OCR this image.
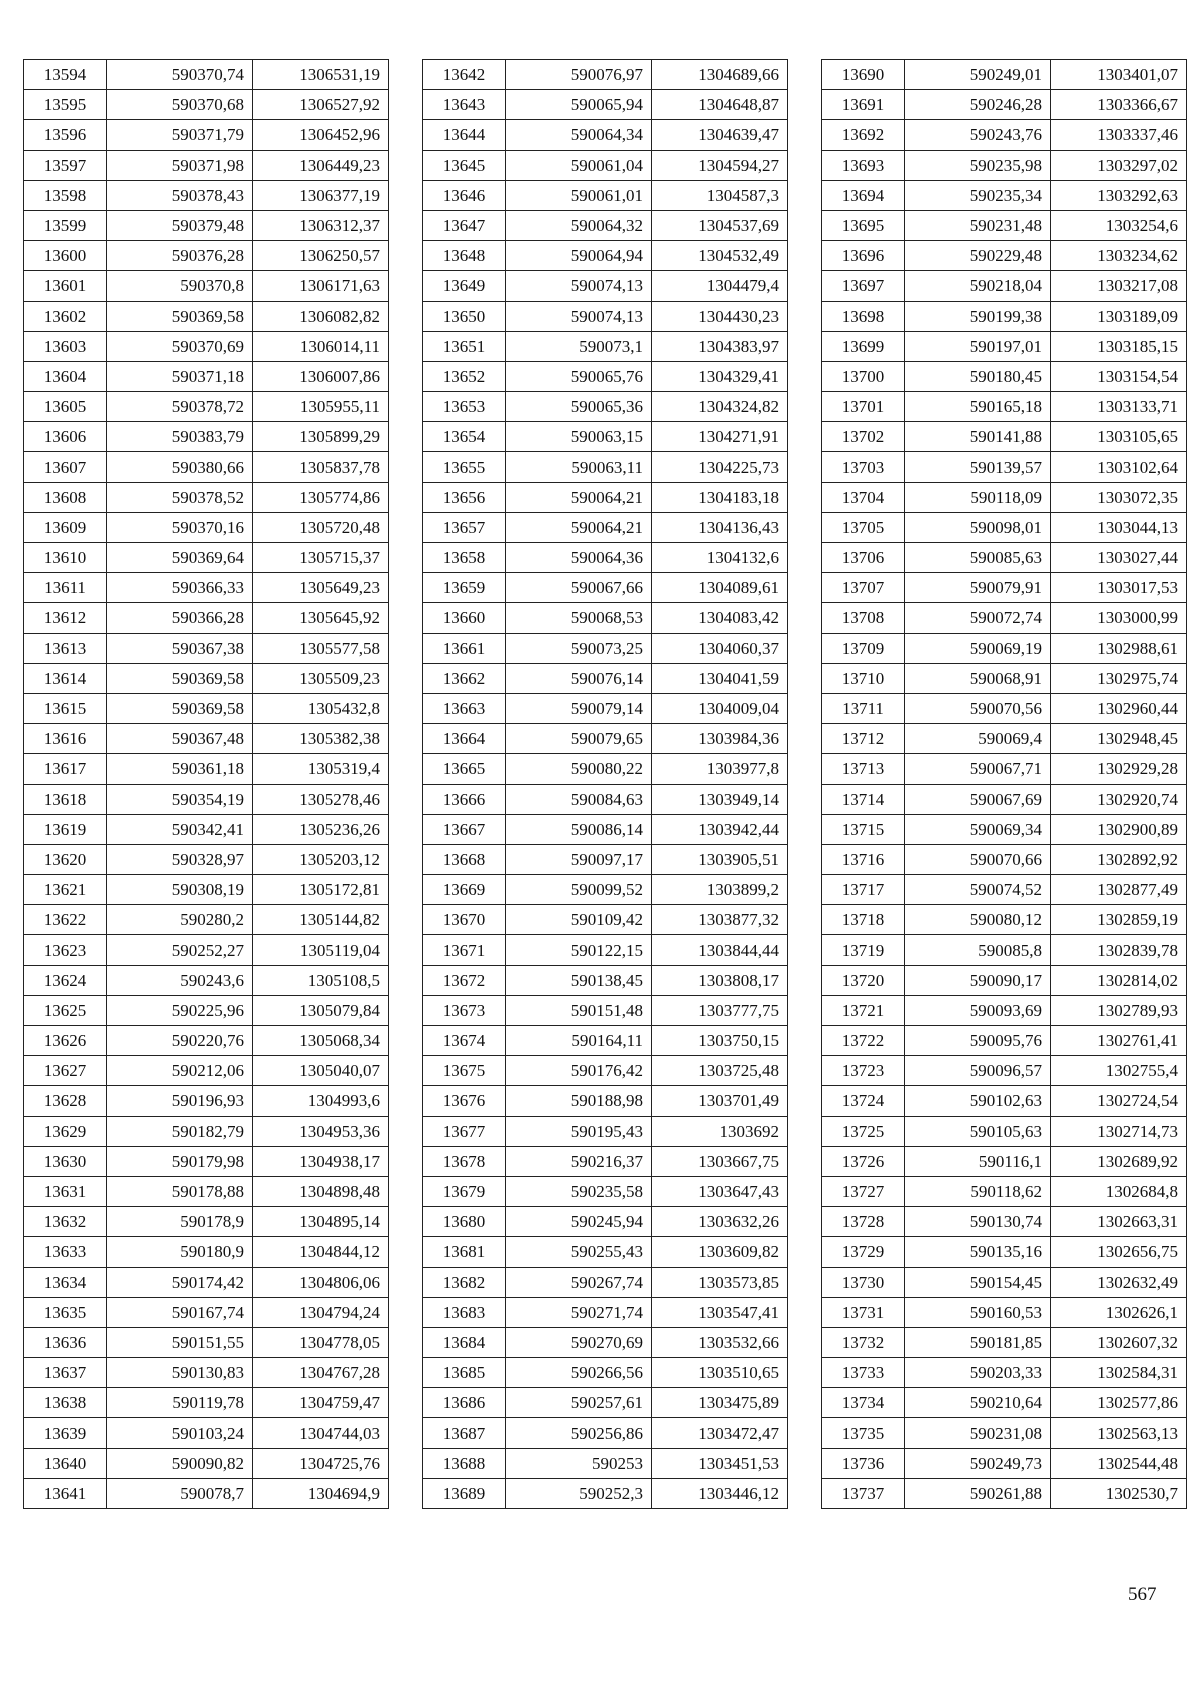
13594	590370,74	1306531,19
13595	590370,68	1306527,92
13596	590371,79	1306452,96
13597	590371,98	1306449,23
13598	590378,43	1306377,19
13599	590379,48	1306312,37
13600	590376,28	1306250,57
13601	590370,8	1306171,63
13602	590369,58	1306082,82
13603	590370,69	1306014,11
13604	590371,18	1306007,86
13605	590378,72	1305955,11
13606	590383,79	1305899,29
13607	590380,66	1305837,78
13608	590378,52	1305774,86
13609	590370,16	1305720,48
13610	590369,64	1305715,37
13611	590366,33	1305649,23
13612	590366,28	1305645,92
13613	590367,38	1305577,58
13614	590369,58	1305509,23
13615	590369,58	1305432,8
13616	590367,48	1305382,38
13617	590361,18	1305319,4
13618	590354,19	1305278,46
13619	590342,41	1305236,26
13620	590328,97	1305203,12
13621	590308,19	1305172,81
13622	590280,2	1305144,82
13623	590252,27	1305119,04
13624	590243,6	1305108,5
13625	590225,96	1305079,84
13626	590220,76	1305068,34
13627	590212,06	1305040,07
13628	590196,93	1304993,6
13629	590182,79	1304953,36
13630	590179,98	1304938,17
13631	590178,88	1304898,48
13632	590178,9	1304895,14
13633	590180,9	1304844,12
13634	590174,42	1304806,06
13635	590167,74	1304794,24
13636	590151,55	1304778,05
13637	590130,83	1304767,28
13638	590119,78	1304759,47
13639	590103,24	1304744,03
13640	590090,82	1304725,76
13641	590078,7	1304694,9
13642	590076,97	1304689,66
13643	590065,94	1304648,87
13644	590064,34	1304639,47
13645	590061,04	1304594,27
13646	590061,01	1304587,3
13647	590064,32	1304537,69
13648	590064,94	1304532,49
13649	590074,13	1304479,4
13650	590074,13	1304430,23
13651	590073,1	1304383,97
13652	590065,76	1304329,41
13653	590065,36	1304324,82
13654	590063,15	1304271,91
13655	590063,11	1304225,73
13656	590064,21	1304183,18
13657	590064,21	1304136,43
13658	590064,36	1304132,6
13659	590067,66	1304089,61
13660	590068,53	1304083,42
13661	590073,25	1304060,37
13662	590076,14	1304041,59
13663	590079,14	1304009,04
13664	590079,65	1303984,36
13665	590080,22	1303977,8
13666	590084,63	1303949,14
13667	590086,14	1303942,44
13668	590097,17	1303905,51
13669	590099,52	1303899,2
13670	590109,42	1303877,32
13671	590122,15	1303844,44
13672	590138,45	1303808,17
13673	590151,48	1303777,75
13674	590164,11	1303750,15
13675	590176,42	1303725,48
13676	590188,98	1303701,49
13677	590195,43	1303692
13678	590216,37	1303667,75
13679	590235,58	1303647,43
13680	590245,94	1303632,26
13681	590255,43	1303609,82
13682	590267,74	1303573,85
13683	590271,74	1303547,41
13684	590270,69	1303532,66
13685	590266,56	1303510,65
13686	590257,61	1303475,89
13687	590256,86	1303472,47
13688	590253	1303451,53
13689	590252,3	1303446,12
13690	590249,01	1303401,07
13691	590246,28	1303366,67
13692	590243,76	1303337,46
13693	590235,98	1303297,02
13694	590235,34	1303292,63
13695	590231,48	1303254,6
13696	590229,48	1303234,62
13697	590218,04	1303217,08
13698	590199,38	1303189,09
13699	590197,01	1303185,15
13700	590180,45	1303154,54
13701	590165,18	1303133,71
13702	590141,88	1303105,65
13703	590139,57	1303102,64
13704	590118,09	1303072,35
13705	590098,01	1303044,13
13706	590085,63	1303027,44
13707	590079,91	1303017,53
13708	590072,74	1303000,99
13709	590069,19	1302988,61
13710	590068,91	1302975,74
13711	590070,56	1302960,44
13712	590069,4	1302948,45
13713	590067,71	1302929,28
13714	590067,69	1302920,74
13715	590069,34	1302900,89
13716	590070,66	1302892,92
13717	590074,52	1302877,49
13718	590080,12	1302859,19
13719	590085,8	1302839,78
13720	590090,17	1302814,02
13721	590093,69	1302789,93
13722	590095,76	1302761,41
13723	590096,57	1302755,4
13724	590102,63	1302724,54
13725	590105,63	1302714,73
13726	590116,1	1302689,92
13727	590118,62	1302684,8
13728	590130,74	1302663,31
13729	590135,16	1302656,75
13730	590154,45	1302632,49
13731	590160,53	1302626,1
13732	590181,85	1302607,32
13733	590203,33	1302584,31
13734	590210,64	1302577,86
13735	590231,08	1302563,13
13736	590249,73	1302544,48
13737	590261,88	1302530,7
567
